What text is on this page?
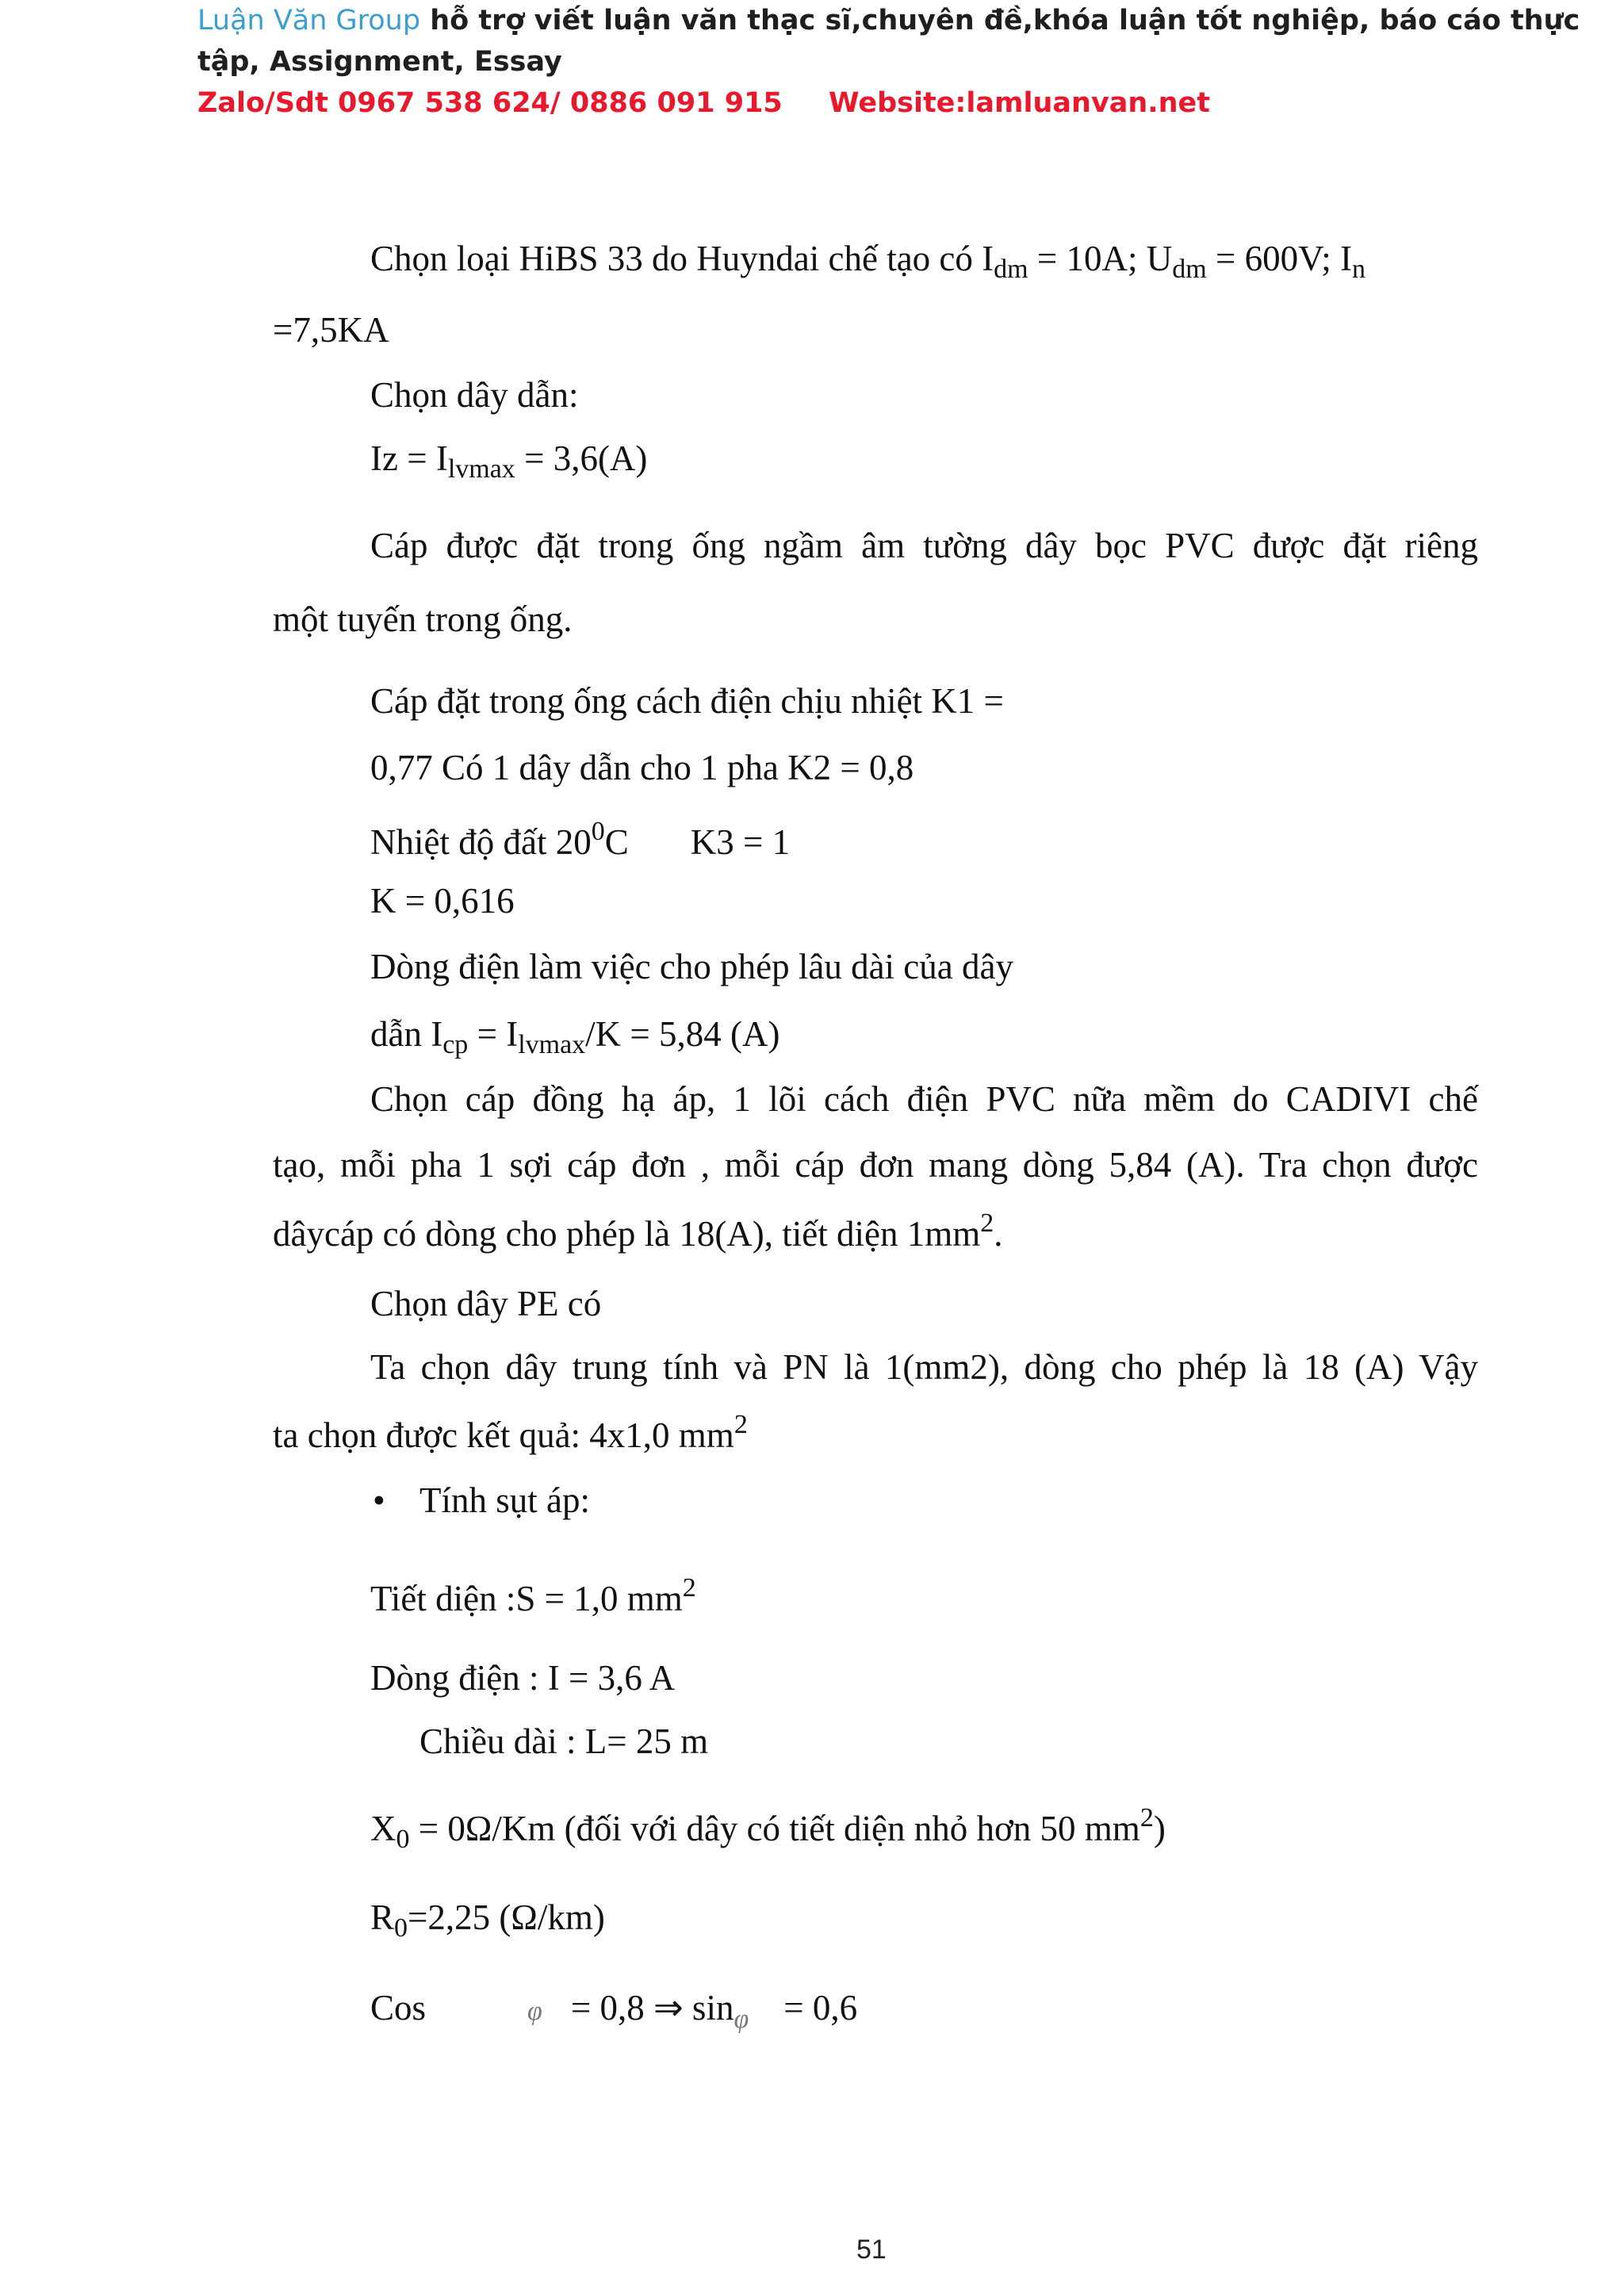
Luận Văn Group hỗ trợ viết luận văn thạc sĩ,chuyên đề,khóa luận tốt nghiệp, báo cáo thực
tập, Assignment, Essay
Zalo/Sdt 0967 538 624/ 0886 091 915 Website:lamluanvan.net
Chọn loại HiBS 33 do Huyndai chế tạo có $I_{dm} = 10A$; $U_{dm} = 600V$; $I_n$
=7,5KA
Chọn dây dẫn:
$Iz = I_{lvmax} = 3,6(A)$
Cáp được đặt trong ống ngầm âm tường dây bọc PVC được đặt riêng
một tuyến trong ống.
Cáp đặt trong ống cách điện chịu nhiệt K1 =
0,77 Có 1 dây dẫn cho 1 pha K2 = 0,8
Nhiệt độ đất $20^0C$ K3 = 1
K = 0,616
Dòng điện làm việc cho phép lâu dài của dây
dẫn $I_{cp} = I_{lvmax}/K = 5,84$ (A)
Chọn cáp đồng hạ áp, 1 lõi cách điện PVC nữa mềm do CADIVI chế
tạo, mỗi pha 1 sợi cáp đơn , mỗi cáp đơn mang dòng 5,84 (A). Tra chọn được
dâycáp có dòng cho phép là 18(A), tiết diện $1mm^2$.
Chọn dây PE có
Ta chọn dây trung tính và PN là 1(mm2), dòng cho phép là 18 (A) Vậy
ta chọn được kết quả: 4x1,0 $mm^2$
• Tính sụt áp:
Tiết diện :S = 1,0 $mm^2$
Dòng điện : I = 3,6 A
Chiều dài : L= 25 m
$X_0 = 0\Omega/Km$ (đối với dây có tiết diện nhỏ hơn 50 $mm^2$)
$R_0=2,25$ (Ω/km)
Cos	φ = 0,8 ⇒ $\sin_\varphi = 0,6$
51
